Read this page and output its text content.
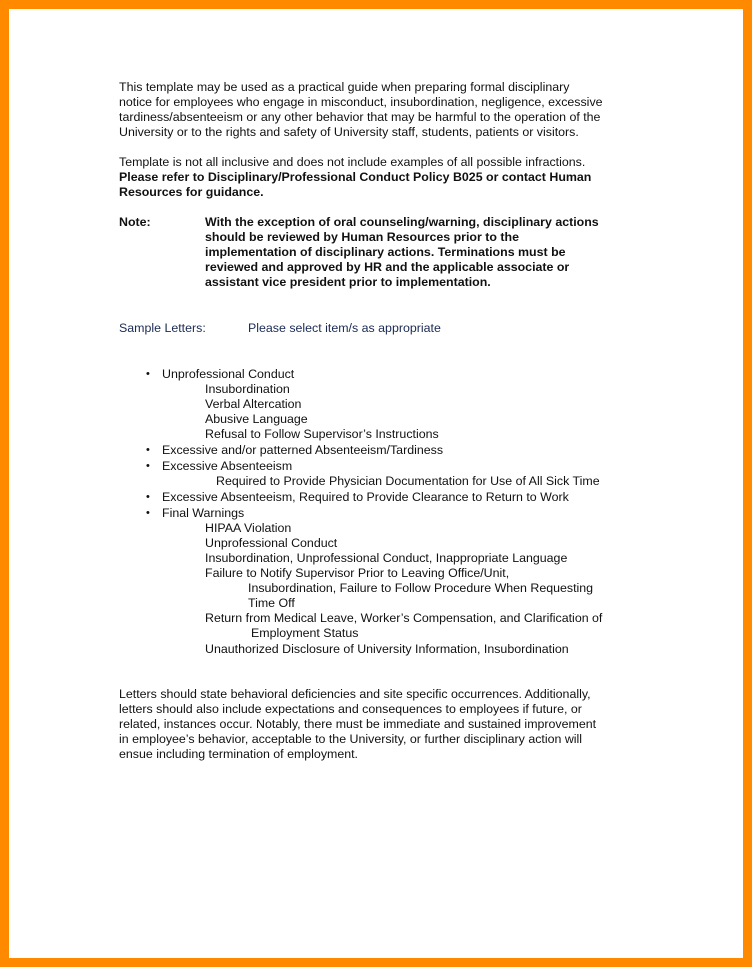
This template may be used as a practical guide when preparing formal disciplinary
notice for employees who engage in misconduct, insubordination, negligence, excessive
tardiness/absenteeism or any other behavior that may be harmful to the operation of the
University or to the rights and safety of University staff, students, patients or visitors.
Template is not all inclusive and does not include examples of all possible infractions.
Please refer to Disciplinary/Professional Conduct Policy B025 or contact Human
Resources for guidance.
Note:	With the exception of oral counseling/warning, disciplinary actions
should be reviewed by Human Resources prior to the
implementation of disciplinary actions. Terminations must be
reviewed and approved by HR and the applicable associate or
assistant vice president prior to implementation.
Sample Letters:	Please select item/s as appropriate
• Unprofessional Conduct
Insubordination
Verbal Altercation
Abusive Language
Refusal to Follow Supervisor’s Instructions
• Excessive and/or patterned Absenteeism/Tardiness
• Excessive Absenteeism
Required to Provide Physician Documentation for Use of All Sick Time
• Excessive Absenteeism, Required to Provide Clearance to Return to Work
• Final Warnings
HIPAA Violation
Unprofessional Conduct
Insubordination, Unprofessional Conduct, Inappropriate Language
Failure to Notify Supervisor Prior to Leaving Office/Unit,
Insubordination, Failure to Follow Procedure When Requesting
Time Off
Return from Medical Leave, Worker’s Compensation, and Clarification of
Employment Status
Unauthorized Disclosure of University Information, Insubordination
Letters should state behavioral deficiencies and site specific occurrences. Additionally,
letters should also include expectations and consequences to employees if future, or
related, instances occur. Notably, there must be immediate and sustained improvement
in employee’s behavior, acceptable to the University, or further disciplinary action will
ensue including termination of employment.
